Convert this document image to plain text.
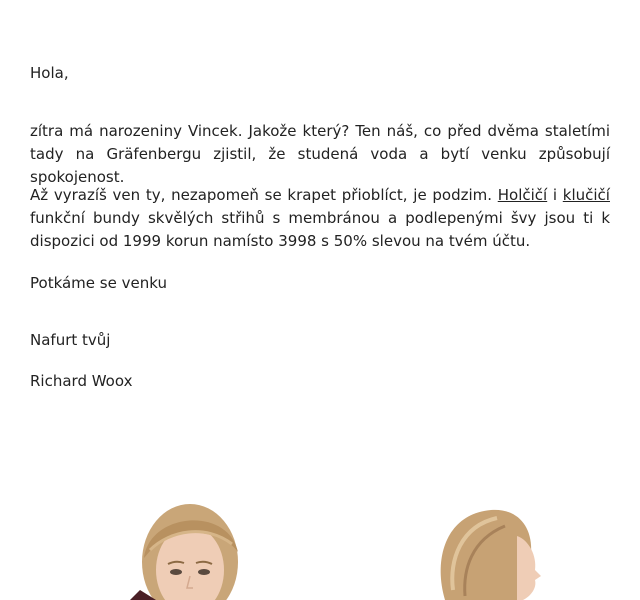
Hola,

zítra má narozeniny Vincek. Jakože který? Ten náš, co před dvěma staletími tady na Gräfenbergu zjistil, že studená voda a bytí venku způsobují spokojenost.

Až vyrazíš ven ty, nezapomeň se krapet přioblíct, je podzim. Holčičí i klučičí funkční bundy skvělých střihů s membránou a podlepenými švy jsou ti k dispozici od 1999 korun namísto 3998 s 50% slevou na tvém účtu.

Potkáme se venku

Nafurt tvůj

Richard Woox
